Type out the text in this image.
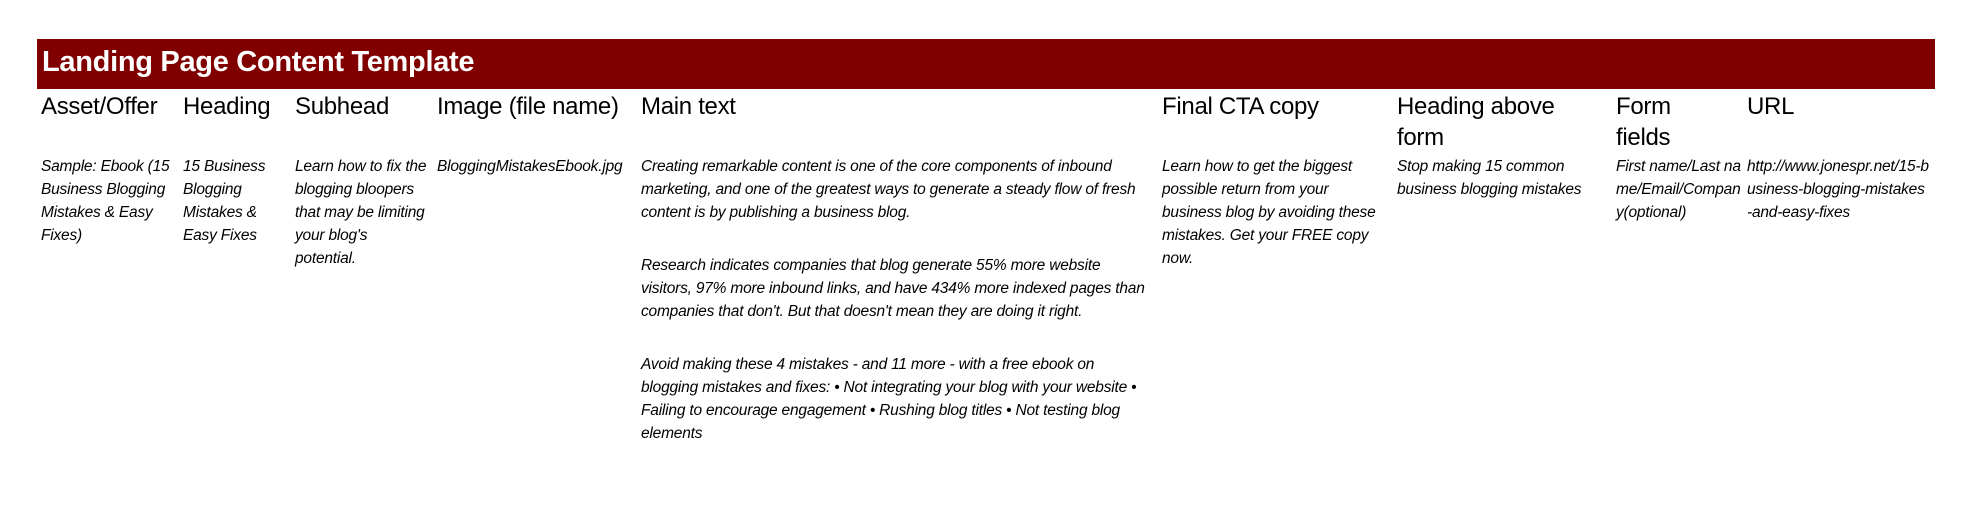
Landing Page Content Template
Asset/Offer

Sample: Ebook (15 Business Blogging Mistakes & Easy Fixes)

Heading

15 Business Blogging Mistakes & Easy Fixes

Subhead

Learn how to fix the blogging bloopers that may be limiting your blog's potential.

Image (file name)

BloggingMistakesEbook.jpg

Main text

Creating remarkable content is one of the core components of inbound marketing, and one of the greatest ways to generate a steady flow of fresh content is by publishing a business blog.

Research indicates companies that blog generate 55% more website visitors, 97% more inbound links, and have 434% more indexed pages than companies that don't. But that doesn't mean they are doing it right.

Avoid making these 4 mistakes - and 11 more - with a free ebook on blogging mistakes and fixes: • Not integrating your blog with your website • Failing to encourage engagement • Rushing blog titles • Not testing blog elements

Final CTA copy

Learn how to get the biggest possible return from your business blog by avoiding these mistakes. Get your FREE copy now.

Heading above form

Stop making 15 common business blogging mistakes

Form fields

First name/Last name/Email/Company(optional)

URL

http://www.jonespr.net/15-business-blogging-mistakes-and-easy-fixes
